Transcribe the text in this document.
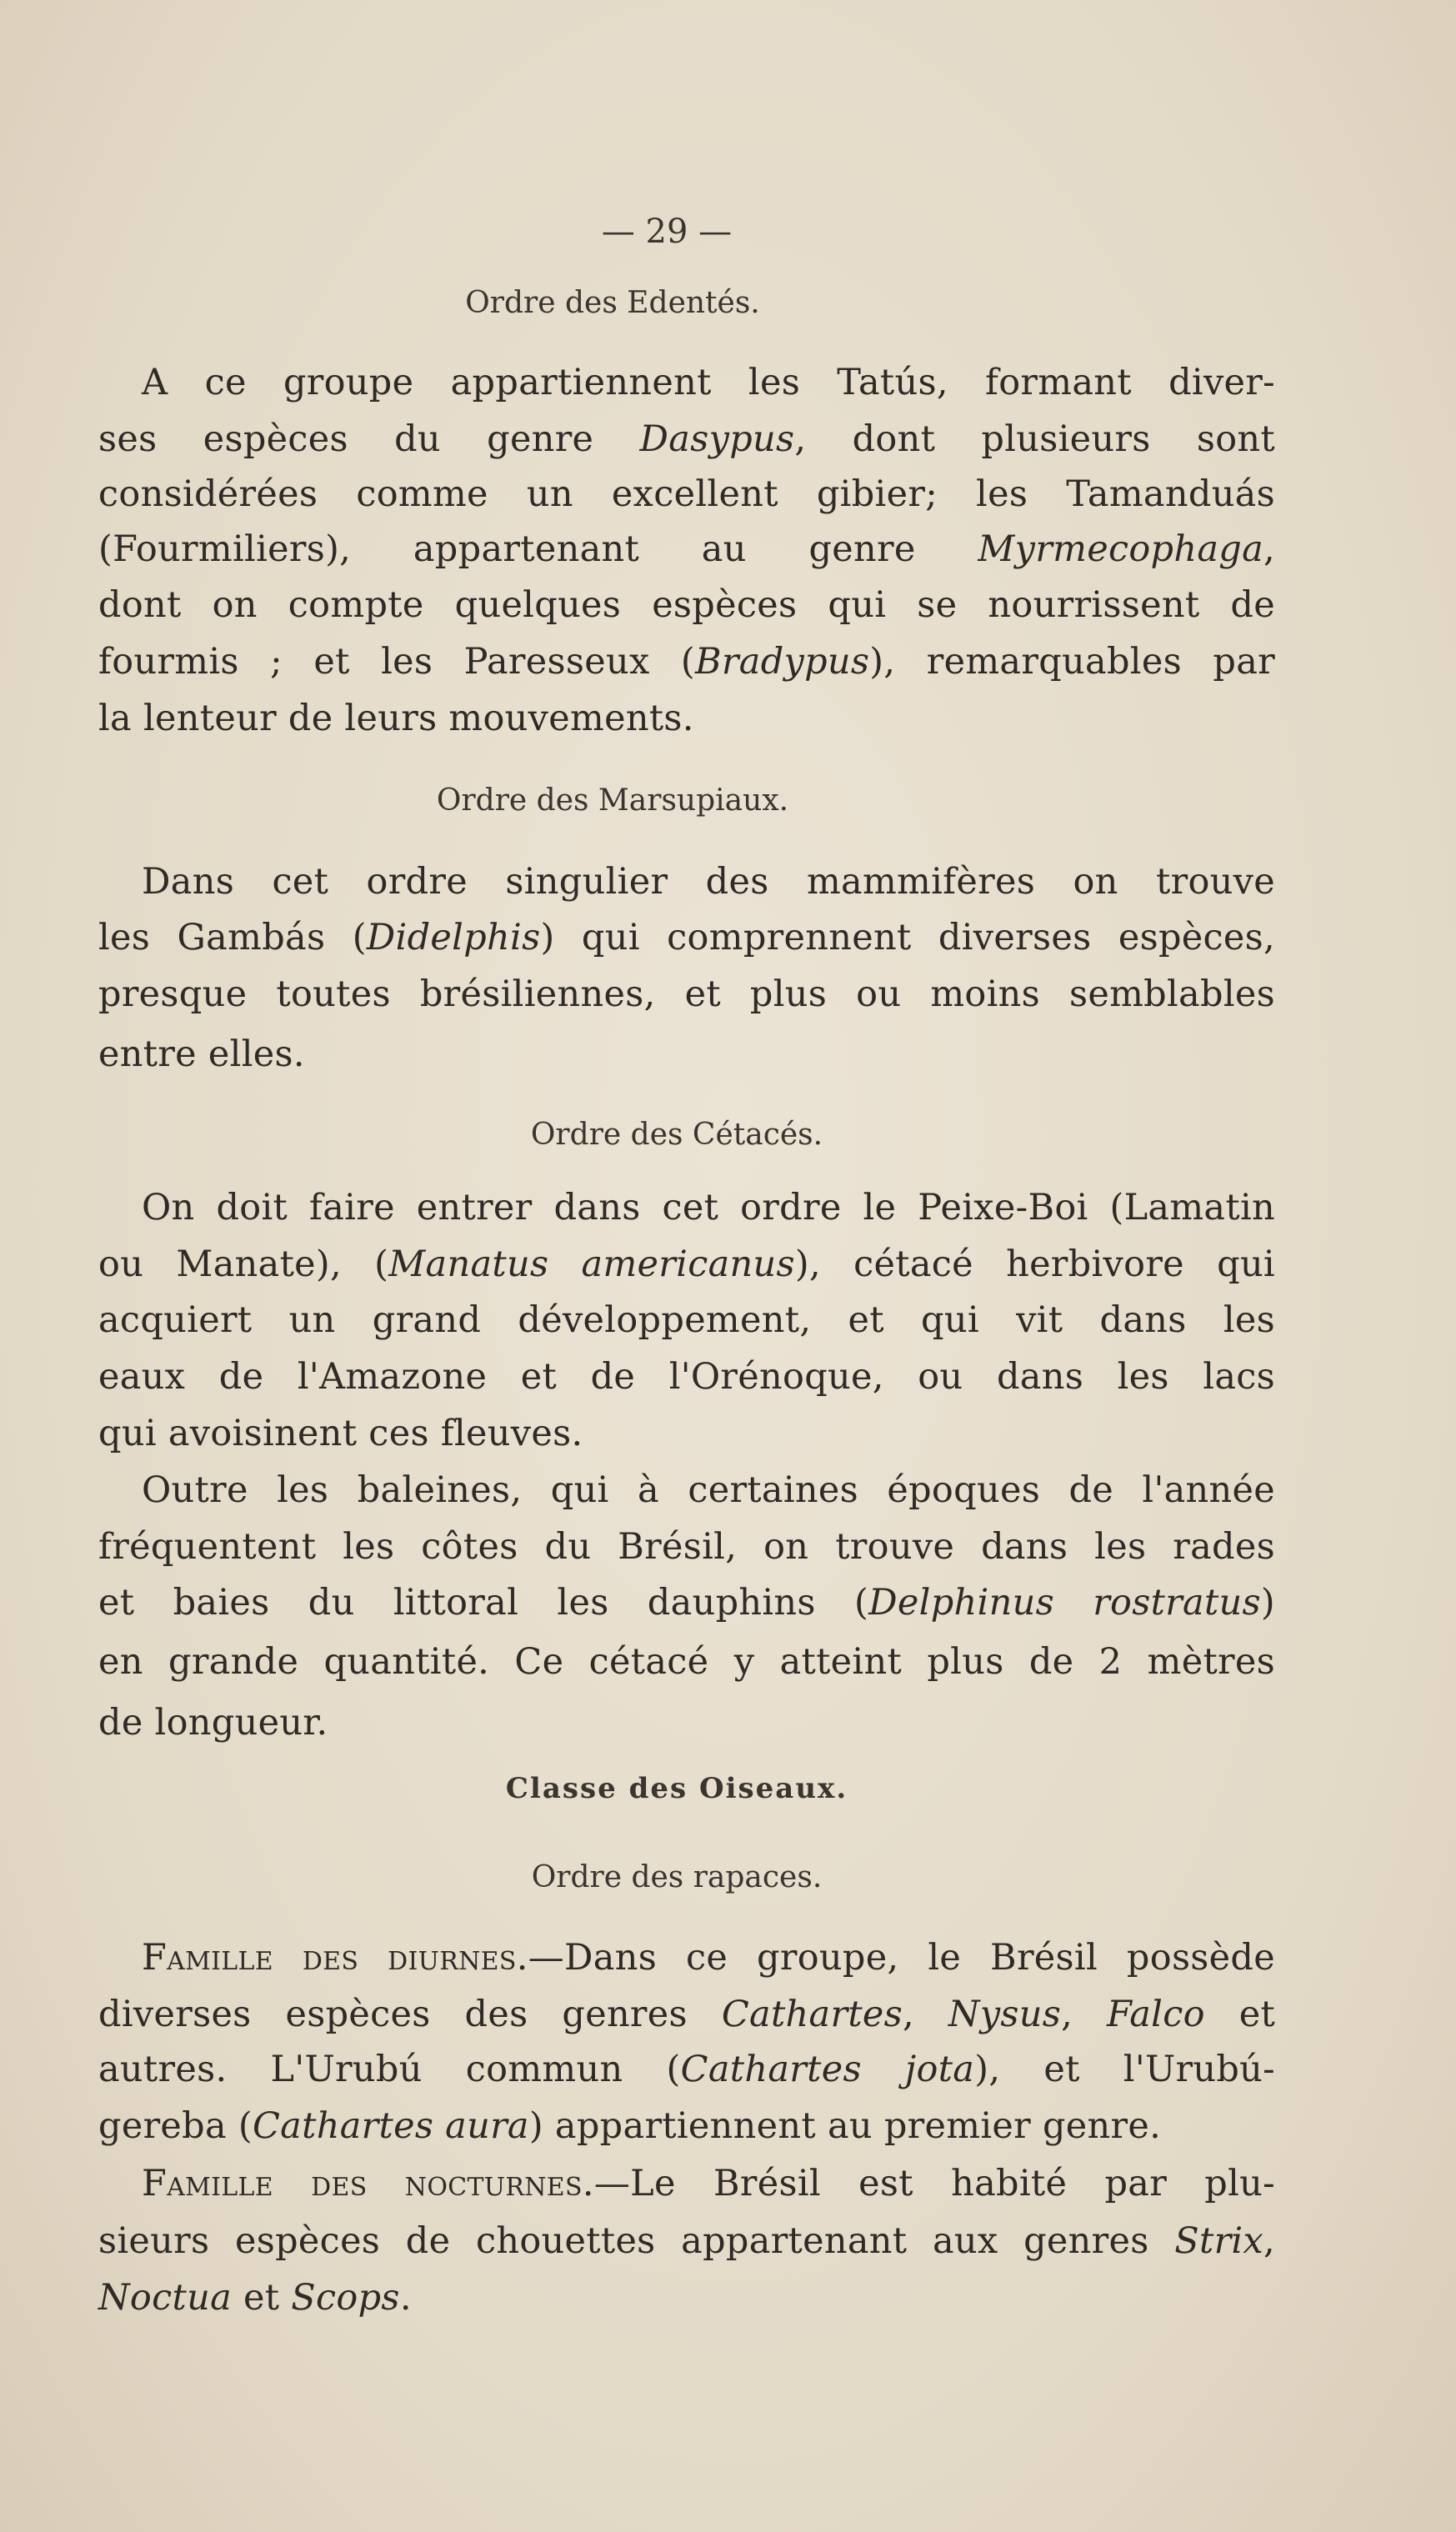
— 29 —
Ordre des Edentés.
A ce groupe appartiennent les Tatús, formant diver-
ses espèces du genre Dasypus, dont plusieurs sont
considérées comme un excellent gibier; les Tamanduás
(Fourmiliers), appartenant au genre Myrmecophaga,
dont on compte quelques espèces qui se nourrissent de
fourmis ; et les Paresseux (Bradypus), remarquables par
la lenteur de leurs mouvements.
Ordre des Marsupiaux.
Dans cet ordre singulier des mammifères on trouve
les Gambás (Didelphis) qui comprennent diverses espèces,
presque toutes brésiliennes, et plus ou moins semblables
entre elles.
Ordre des Cétacés.
On doit faire entrer dans cet ordre le Peixe-Boi (Lamatin
ou Manate), (Manatus americanus), cétacé herbivore qui
acquiert un grand développement, et qui vit dans les
eaux de l'Amazone et de l'Orénoque, ou dans les lacs
qui avoisinent ces fleuves.
Outre les baleines, qui à certaines époques de l'année
fréquentent les côtes du Brésil, on trouve dans les rades
et baies du littoral les dauphins (Delphinus rostratus)
en grande quantité. Ce cétacé y atteint plus de 2 mètres
de longueur.
Classe des Oiseaux.
Ordre des rapaces.
Famille des diurnes.—Dans ce groupe, le Brésil possède
diverses espèces des genres Cathartes, Nysus, Falco et
autres. L'Urubú commun (Cathartes jota), et l'Urubú-
gereba (Cathartes aura) appartiennent au premier genre.
Famille des nocturnes.—Le Brésil est habité par plu-
sieurs espèces de chouettes appartenant aux genres Strix,
Noctua et Scops.
